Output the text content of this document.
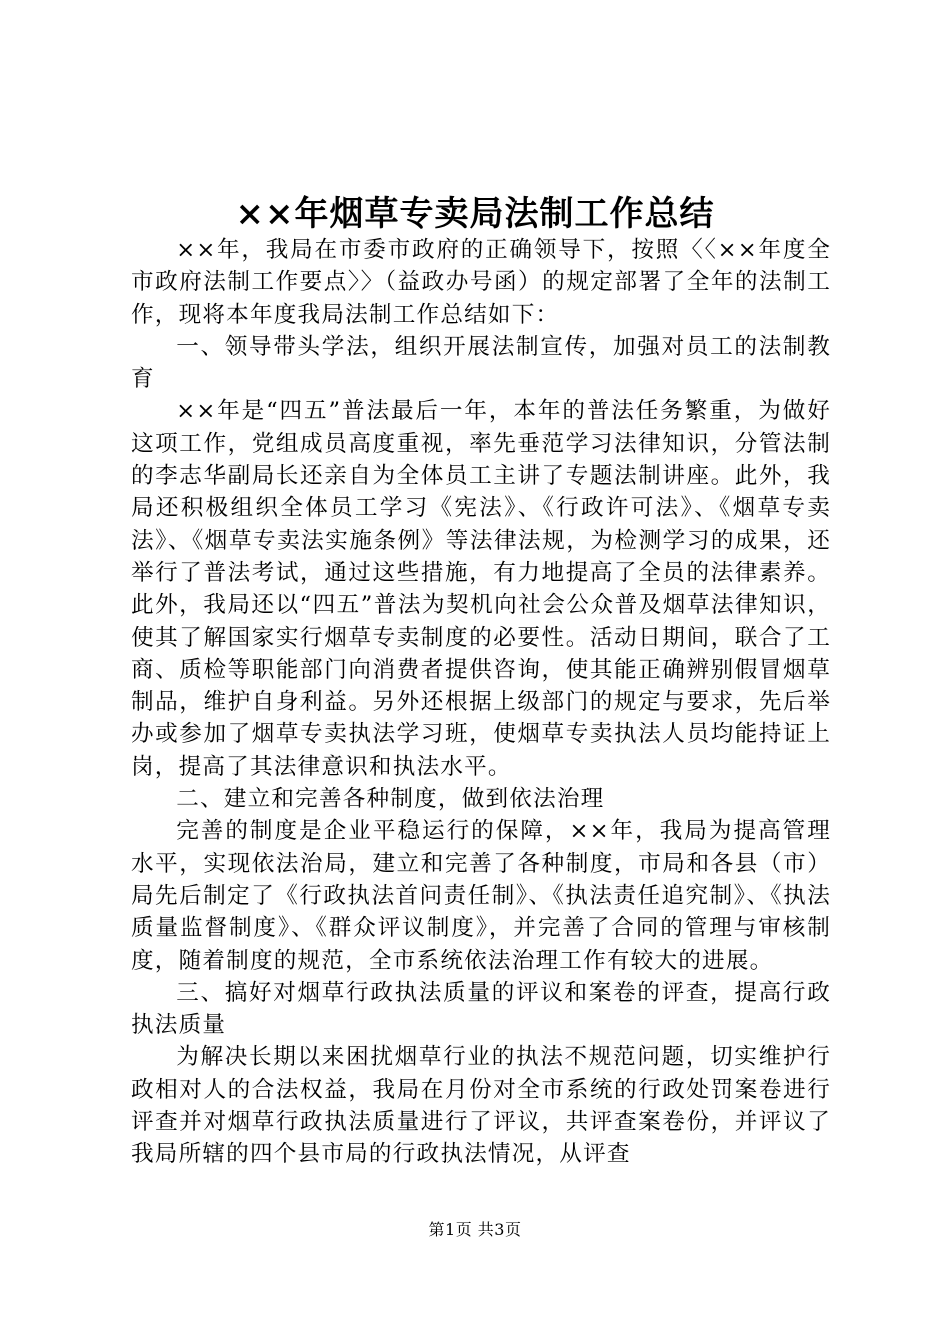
××年烟草专卖局法制工作总结

××年，我局在市委市政府的正确领导下，按照〈〈××年度全市政府法制工作要点〉〉（益政办号函）的规定部署了全年的法制工作，现将本年度我局法制工作总结如下：

一、领导带头学法，组织开展法制宣传，加强对员工的法制教育

××年是“四五”普法最后一年，本年的普法任务繁重，为做好这项工作，党组成员高度重视，率先垂范学习法律知识，分管法制的李志华副局长还亲自为全体员工主讲了专题法制讲座。此外，我局还积极组织全体员工学习《宪法》、《行政许可法》、《烟草专卖法》、《烟草专卖法实施条例》等法律法规，为检测学习的成果，还举行了普法考试，通过这些措施，有力地提高了全员的法律素养。此外，我局还以“四五”普法为契机向社会公众普及烟草法律知识，使其了解国家实行烟草专卖制度的必要性。活动日期间，联合了工商、质检等职能部门向消费者提供咨询，使其能正确辨别假冒烟草制品，维护自身利益。另外还根据上级部门的规定与要求，先后举办或参加了烟草专卖执法学习班，使烟草专卖执法人员均能持证上岗，提高了其法律意识和执法水平。

二、建立和完善各种制度，做到依法治理

完善的制度是企业平稳运行的保障，××年，我局为提高管理水平，实现依法治局，建立和完善了各种制度，市局和各县（市）局先后制定了《行政执法首问责任制》、《执法责任追究制》、《执法质量监督制度》、《群众评议制度》，并完善了合同的管理与审核制度，随着制度的规范，全市系统依法治理工作有较大的进展。

三、搞好对烟草行政执法质量的评议和案卷的评查，提高行政执法质量

为解决长期以来困扰烟草行业的执法不规范问题，切实维护行政相对人的合法权益，我局在月份对全市系统的行政处罚案卷进行评查并对烟草行政执法质量进行了评议，共评查案卷份，并评议了我局所辖的四个县市局的行政执法情况，从评查

第1页 共3页
